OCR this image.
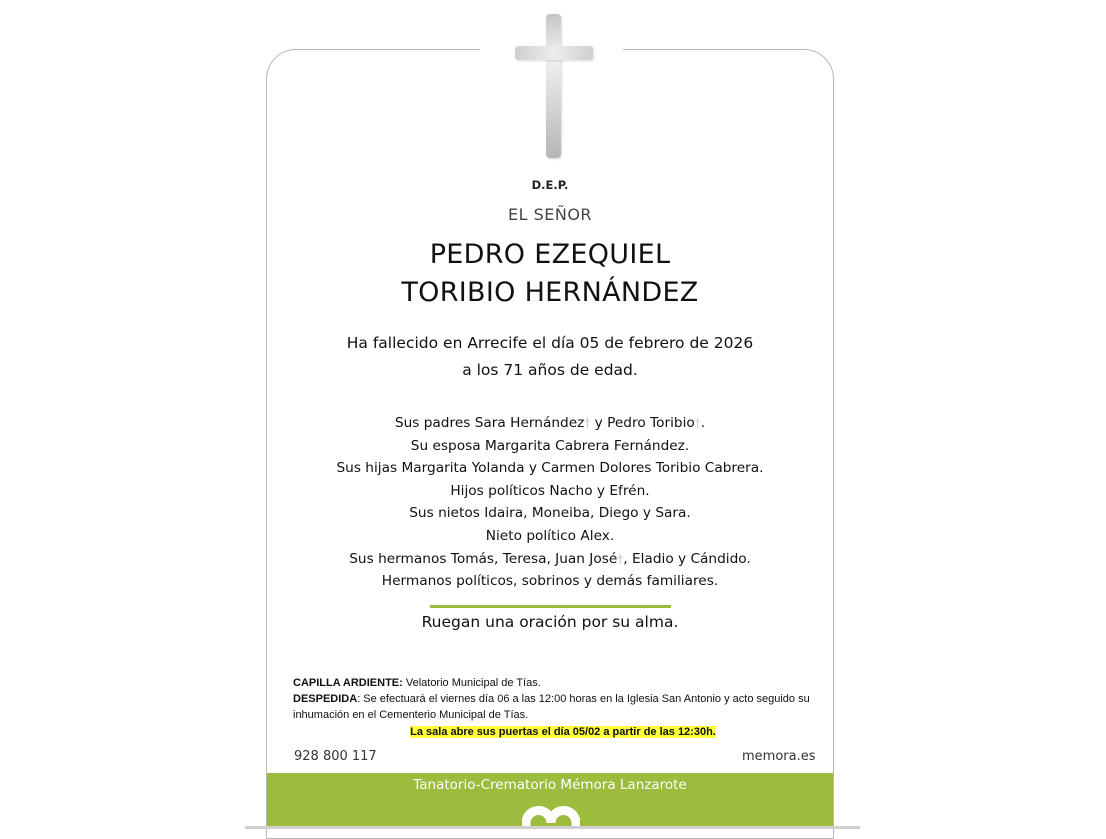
D.E.P.
EL SEÑOR
PEDRO EZEQUIEL
TORIBIO HERNÁNDEZ
Ha fallecido en Arrecife el día 05 de febrero de 2026
a los 71 años de edad.
Sus padres Sara Hernández† y Pedro Toribio†.
Su esposa Margarita Cabrera Fernández.
Sus hijas Margarita Yolanda y Carmen Dolores Toribio Cabrera.
Hijos políticos Nacho y Efrén.
Sus nietos Idaira, Moneiba, Diego y Sara.
Nieto político Alex.
Sus hermanos Tomás, Teresa, Juan José†, Eladio y Cándido.
Hermanos políticos, sobrinos y demás familiares.
Ruegan una oración por su alma.
CAPILLA ARDIENTE: Velatorio Municipal de Tías.
DESPEDIDA: Se efectuará el viernes día 06 a las 12:00 horas en la Iglesia San Antonio y acto seguido su inhumación en el Cementerio Municipal de Tías.
La sala abre sus puertas el día 05/02 a partir de las 12:30h.
928 800 117	memora.es
Tanatorio-Crematorio Mémora Lanzarote
